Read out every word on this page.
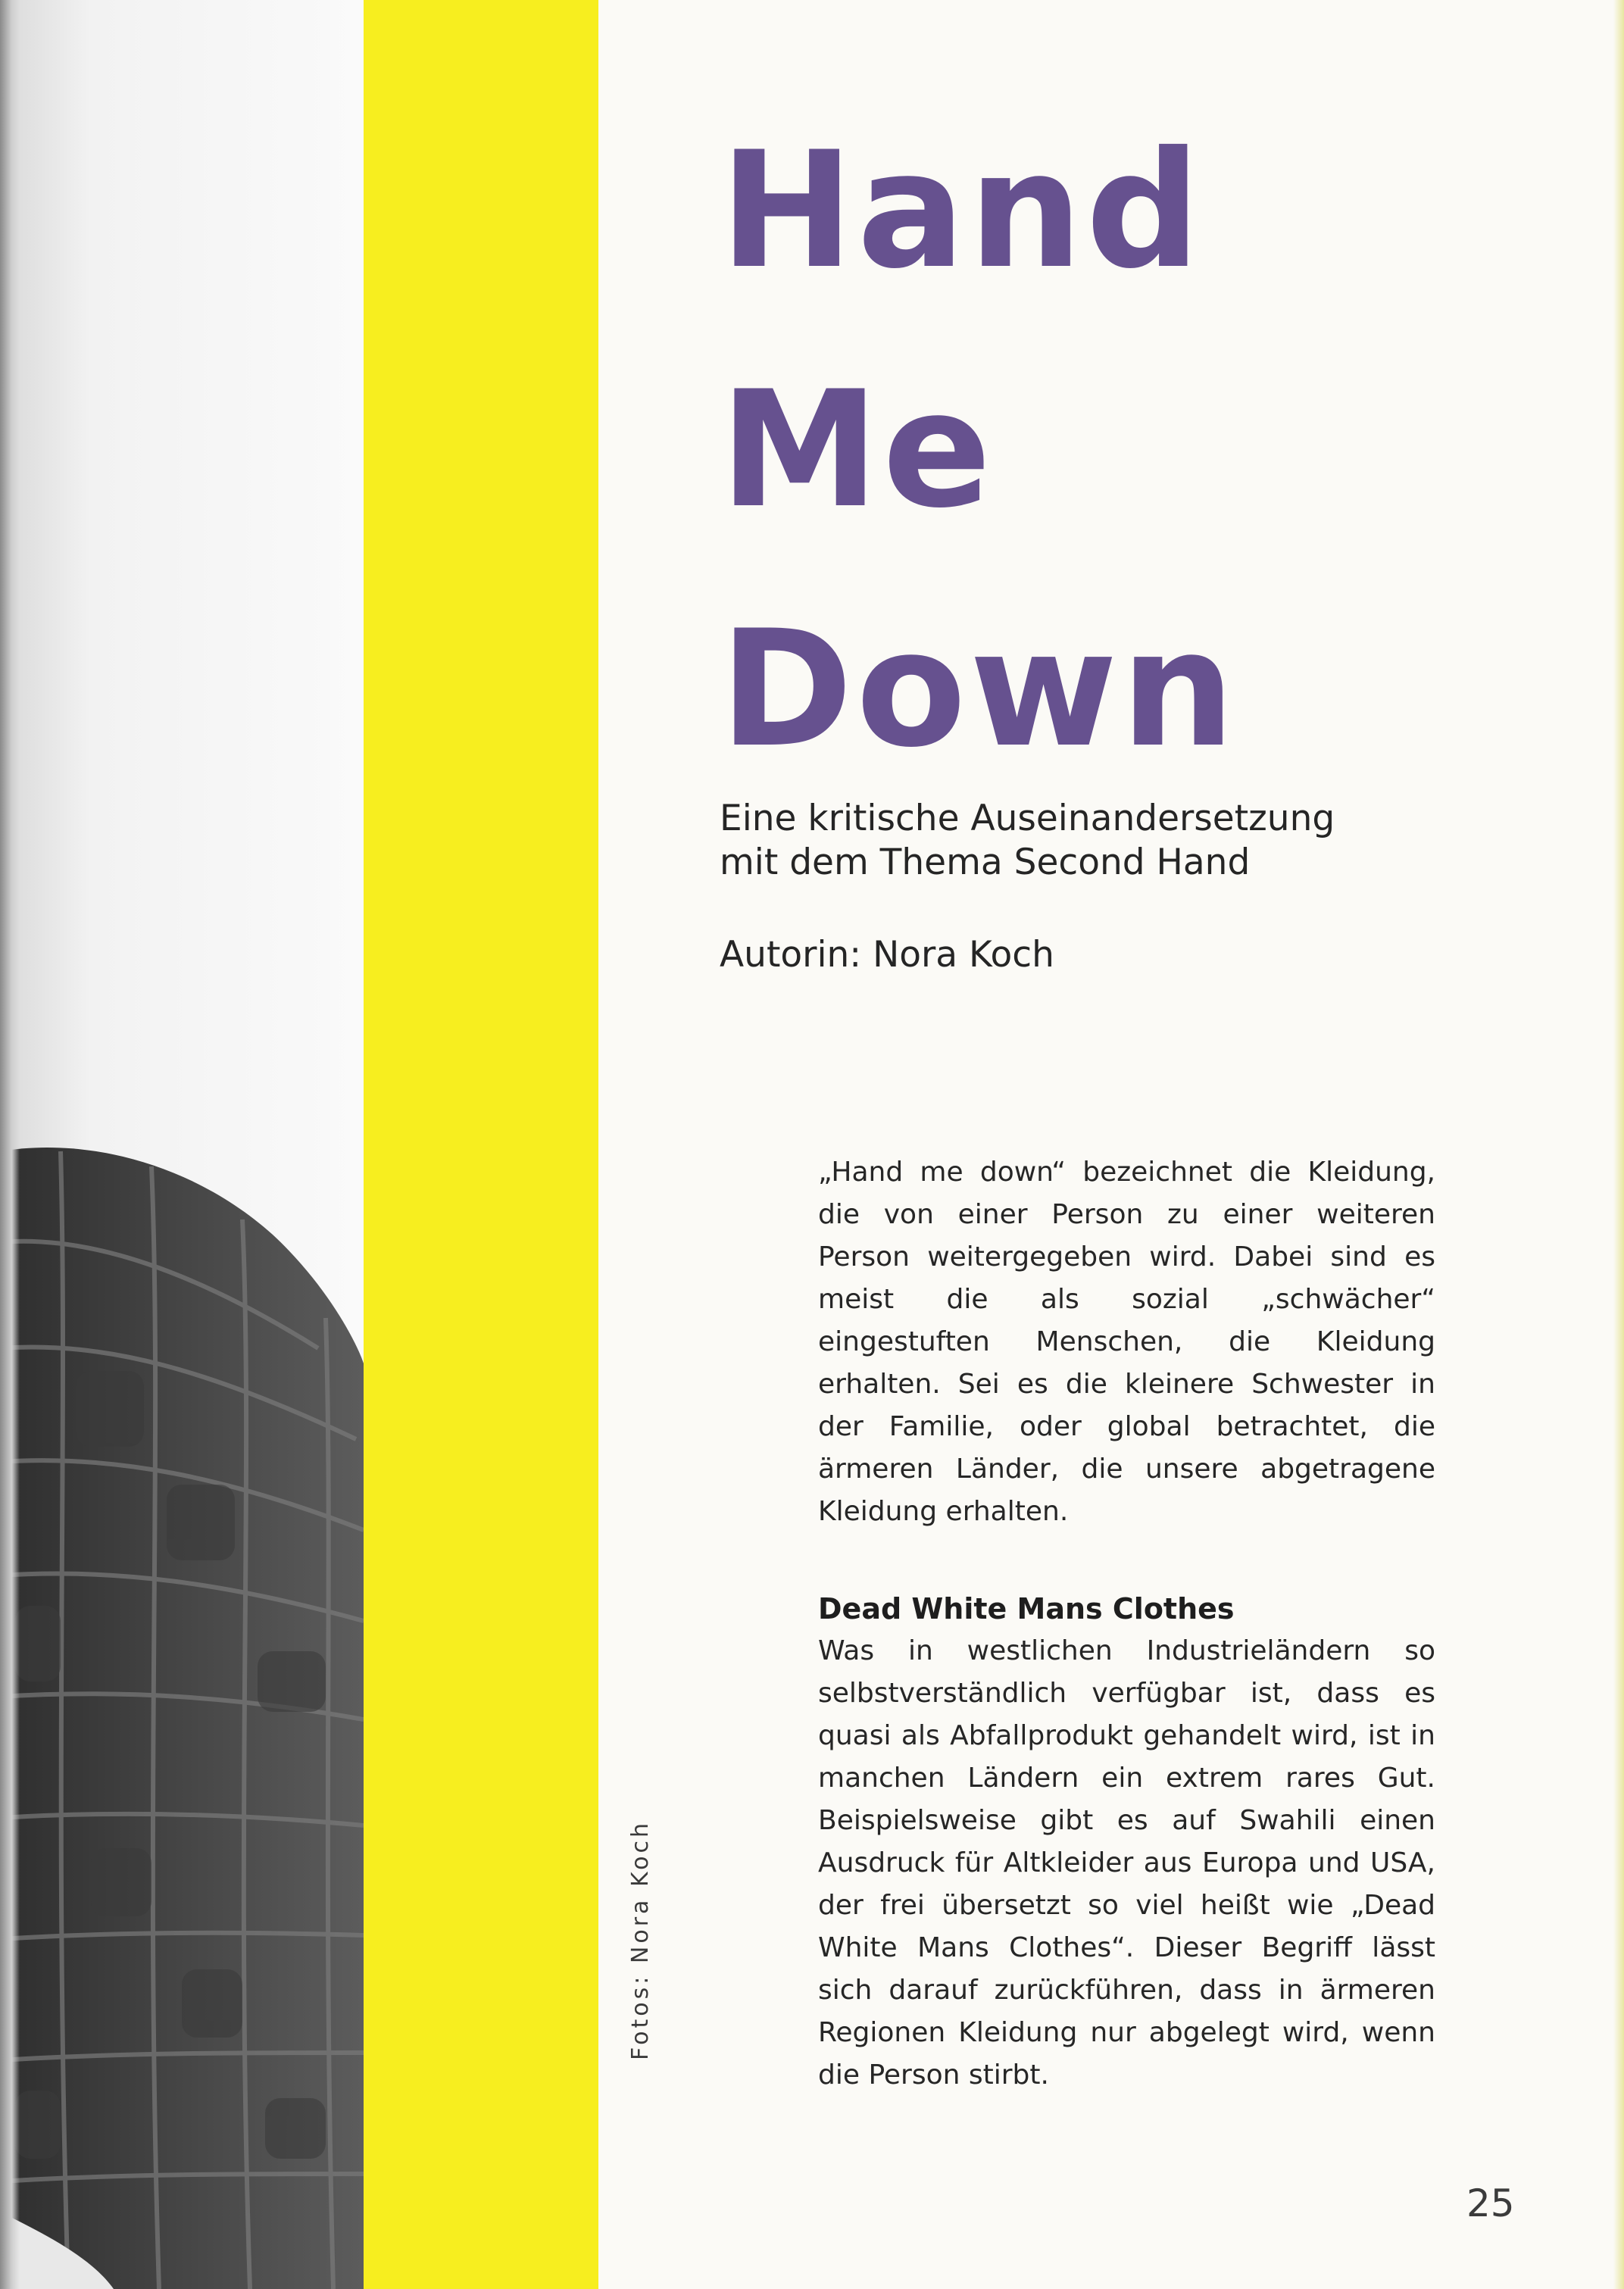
Fotos: Nora Koch
Hand
Me
Down
Eine kritische Auseinandersetzung
mit dem Thema Second Hand
Autorin: Nora Koch

„Hand me down“ bezeichnet die Kleidung, die von einer Person zu einer weiteren Person weitergegeben wird. Dabei sind es meist die als sozial „schwächer“ eingestuften Menschen, die Kleidung erhalten. Sei es die kleinere Schwester in der Familie, oder global betrachtet, die ärmeren Länder, die unsere abgetragene Kleidung erhalten.

Dead White Mans Clothes

Was in westlichen Industrieländern so selbstverständlich verfügbar ist, dass es quasi als Abfallprodukt gehandelt wird, ist in manchen Ländern ein extrem rares Gut. Beispielsweise gibt es auf Swahili einen Ausdruck für Altkleider aus Europa und USA, der frei übersetzt so viel heißt wie „Dead White Mans Clothes“. Dieser Begriff lässt sich darauf zurückführen, dass in ärmeren Regionen Kleidung nur abgelegt wird, wenn die Person stirbt.

25
